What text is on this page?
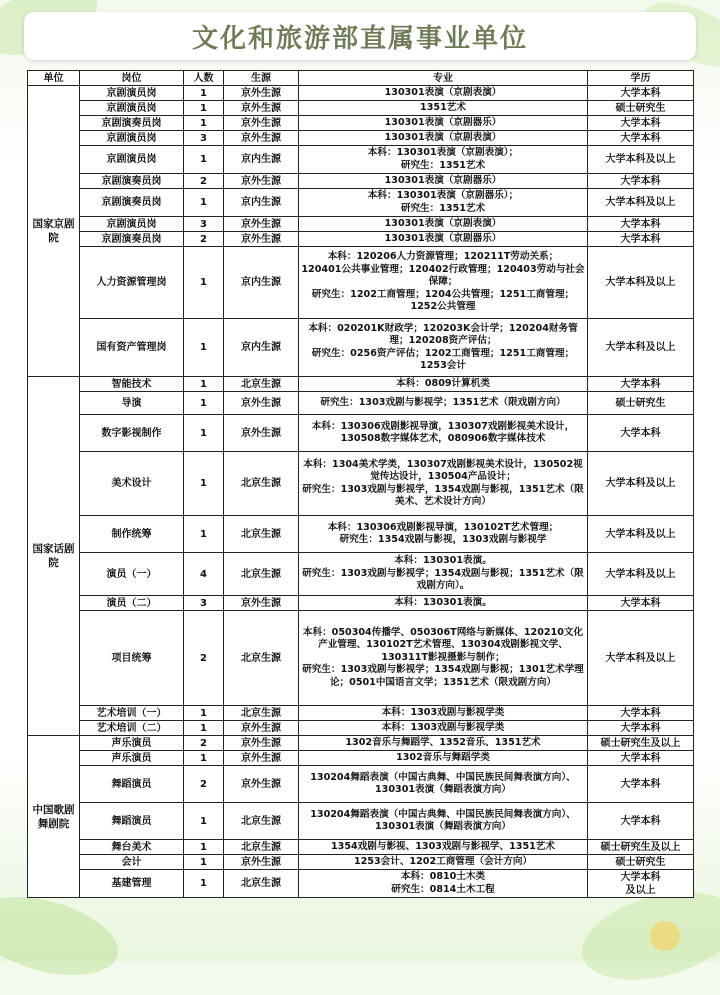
文化和旅游部直属事业单位
单位	岗位	人数	生源	专业	学历
国家京剧院	京剧演员岗	1	京外生源	130301表演（京剧表演）	大学本科
	京剧演员岗	1	京外生源	1351艺术	硕士研究生
	京剧演奏员岗	1	京外生源	130301表演（京剧器乐）	大学本科
	京剧演员岗	3	京外生源	130301表演（京剧表演）	大学本科
	京剧演员岗	1	京内生源	本科：130301表演（京剧表演）；
研究生：1351艺术	大学本科及以上
	京剧演奏员岗	2	京外生源	130301表演（京剧器乐）	大学本科
	京剧演奏员岗	1	京内生源	本科：130301表演（京剧器乐）；
研究生：1351艺术	大学本科及以上
	京剧演员岗	3	京外生源	130301表演（京剧表演）	大学本科
	京剧演奏员岗	2	京外生源	130301表演（京剧器乐）	大学本科
	人力资源管理岗	1	京内生源	本科：120206人力资源管理；120211T劳动关系；
120401公共事业管理；120402行政管理；120403劳动与社会保障；
研究生：1202工商管理；1204公共管理；1251工商管理；1252公共管理	大学本科及以上
	国有资产管理岗	1	京内生源	本科：020201K财政学；120203K会计学；120204财务管理；120208资产评估；
研究生：0256资产评估；1202工商管理；1251工商管理；1253会计	大学本科及以上
国家话剧院	智能技术	1	北京生源	本科：0809计算机类	大学本科
	导演	1	京外生源	研究生：1303戏剧与影视学；1351艺术（限戏剧方向）	硕士研究生
	数字影视制作	1	京外生源	本科：130306戏剧影视导演，130307戏剧影视美术设计，130508数字媒体艺术，080906数字媒体技术	大学本科
	美术设计	1	北京生源	本科：1304美术学类，130307戏剧影视美术设计，130502视觉传达设计，130504产品设计；
研究生：1303戏剧与影视学，1354戏剧与影视，1351艺术（限美术、艺术设计方向）	大学本科及以上
	制作统筹	1	北京生源	本科：130306戏剧影视导演，130102T艺术管理；
研究生：1354戏剧与影视，1303戏剧与影视学	大学本科及以上
	演员（一）	4	北京生源	本科：130301表演。
研究生：1303戏剧与影视学；1354戏剧与影视；1351艺术（限戏剧方向）。	大学本科及以上
	演员（二）	3	京外生源	本科：130301表演。	大学本科
	项目统筹	2	北京生源	本科：050304传播学、050306T网络与新媒体、120210文化产业管理、130102T艺术管理、130304戏剧影视文学、130311T影视摄影与制作；
研究生：1303戏剧与影视学；1354戏剧与影视；1301艺术学理论；0501中国语言文学；1351艺术（限戏剧方向）	大学本科及以上
	艺术培训（一）	1	北京生源	本科：1303戏剧与影视学类	大学本科
	艺术培训（二）	1	京外生源	本科：1303戏剧与影视学类	大学本科
中国歌剧舞剧院	声乐演员	2	京外生源	1302音乐与舞蹈学、1352音乐、1351艺术	硕士研究生及以上
	声乐演员	1	京外生源	1302音乐与舞蹈学类	大学本科
	舞蹈演员	2	京外生源	130204舞蹈表演（中国古典舞、中国民族民间舞表演方向）、130301表演（舞蹈表演方向）	大学本科
	舞蹈演员	1	北京生源	130204舞蹈表演（中国古典舞、中国民族民间舞表演方向）、130301表演（舞蹈表演方向）	大学本科
	舞台美术	1	北京生源	1354戏剧与影视、1303戏剧与影视学、1351艺术	硕士研究生及以上
	会计	1	京外生源	1253会计、1202工商管理（会计方向）	硕士研究生
	基建管理	1	北京生源	本科：0810土木类
研究生：0814土木工程	大学本科
及以上
